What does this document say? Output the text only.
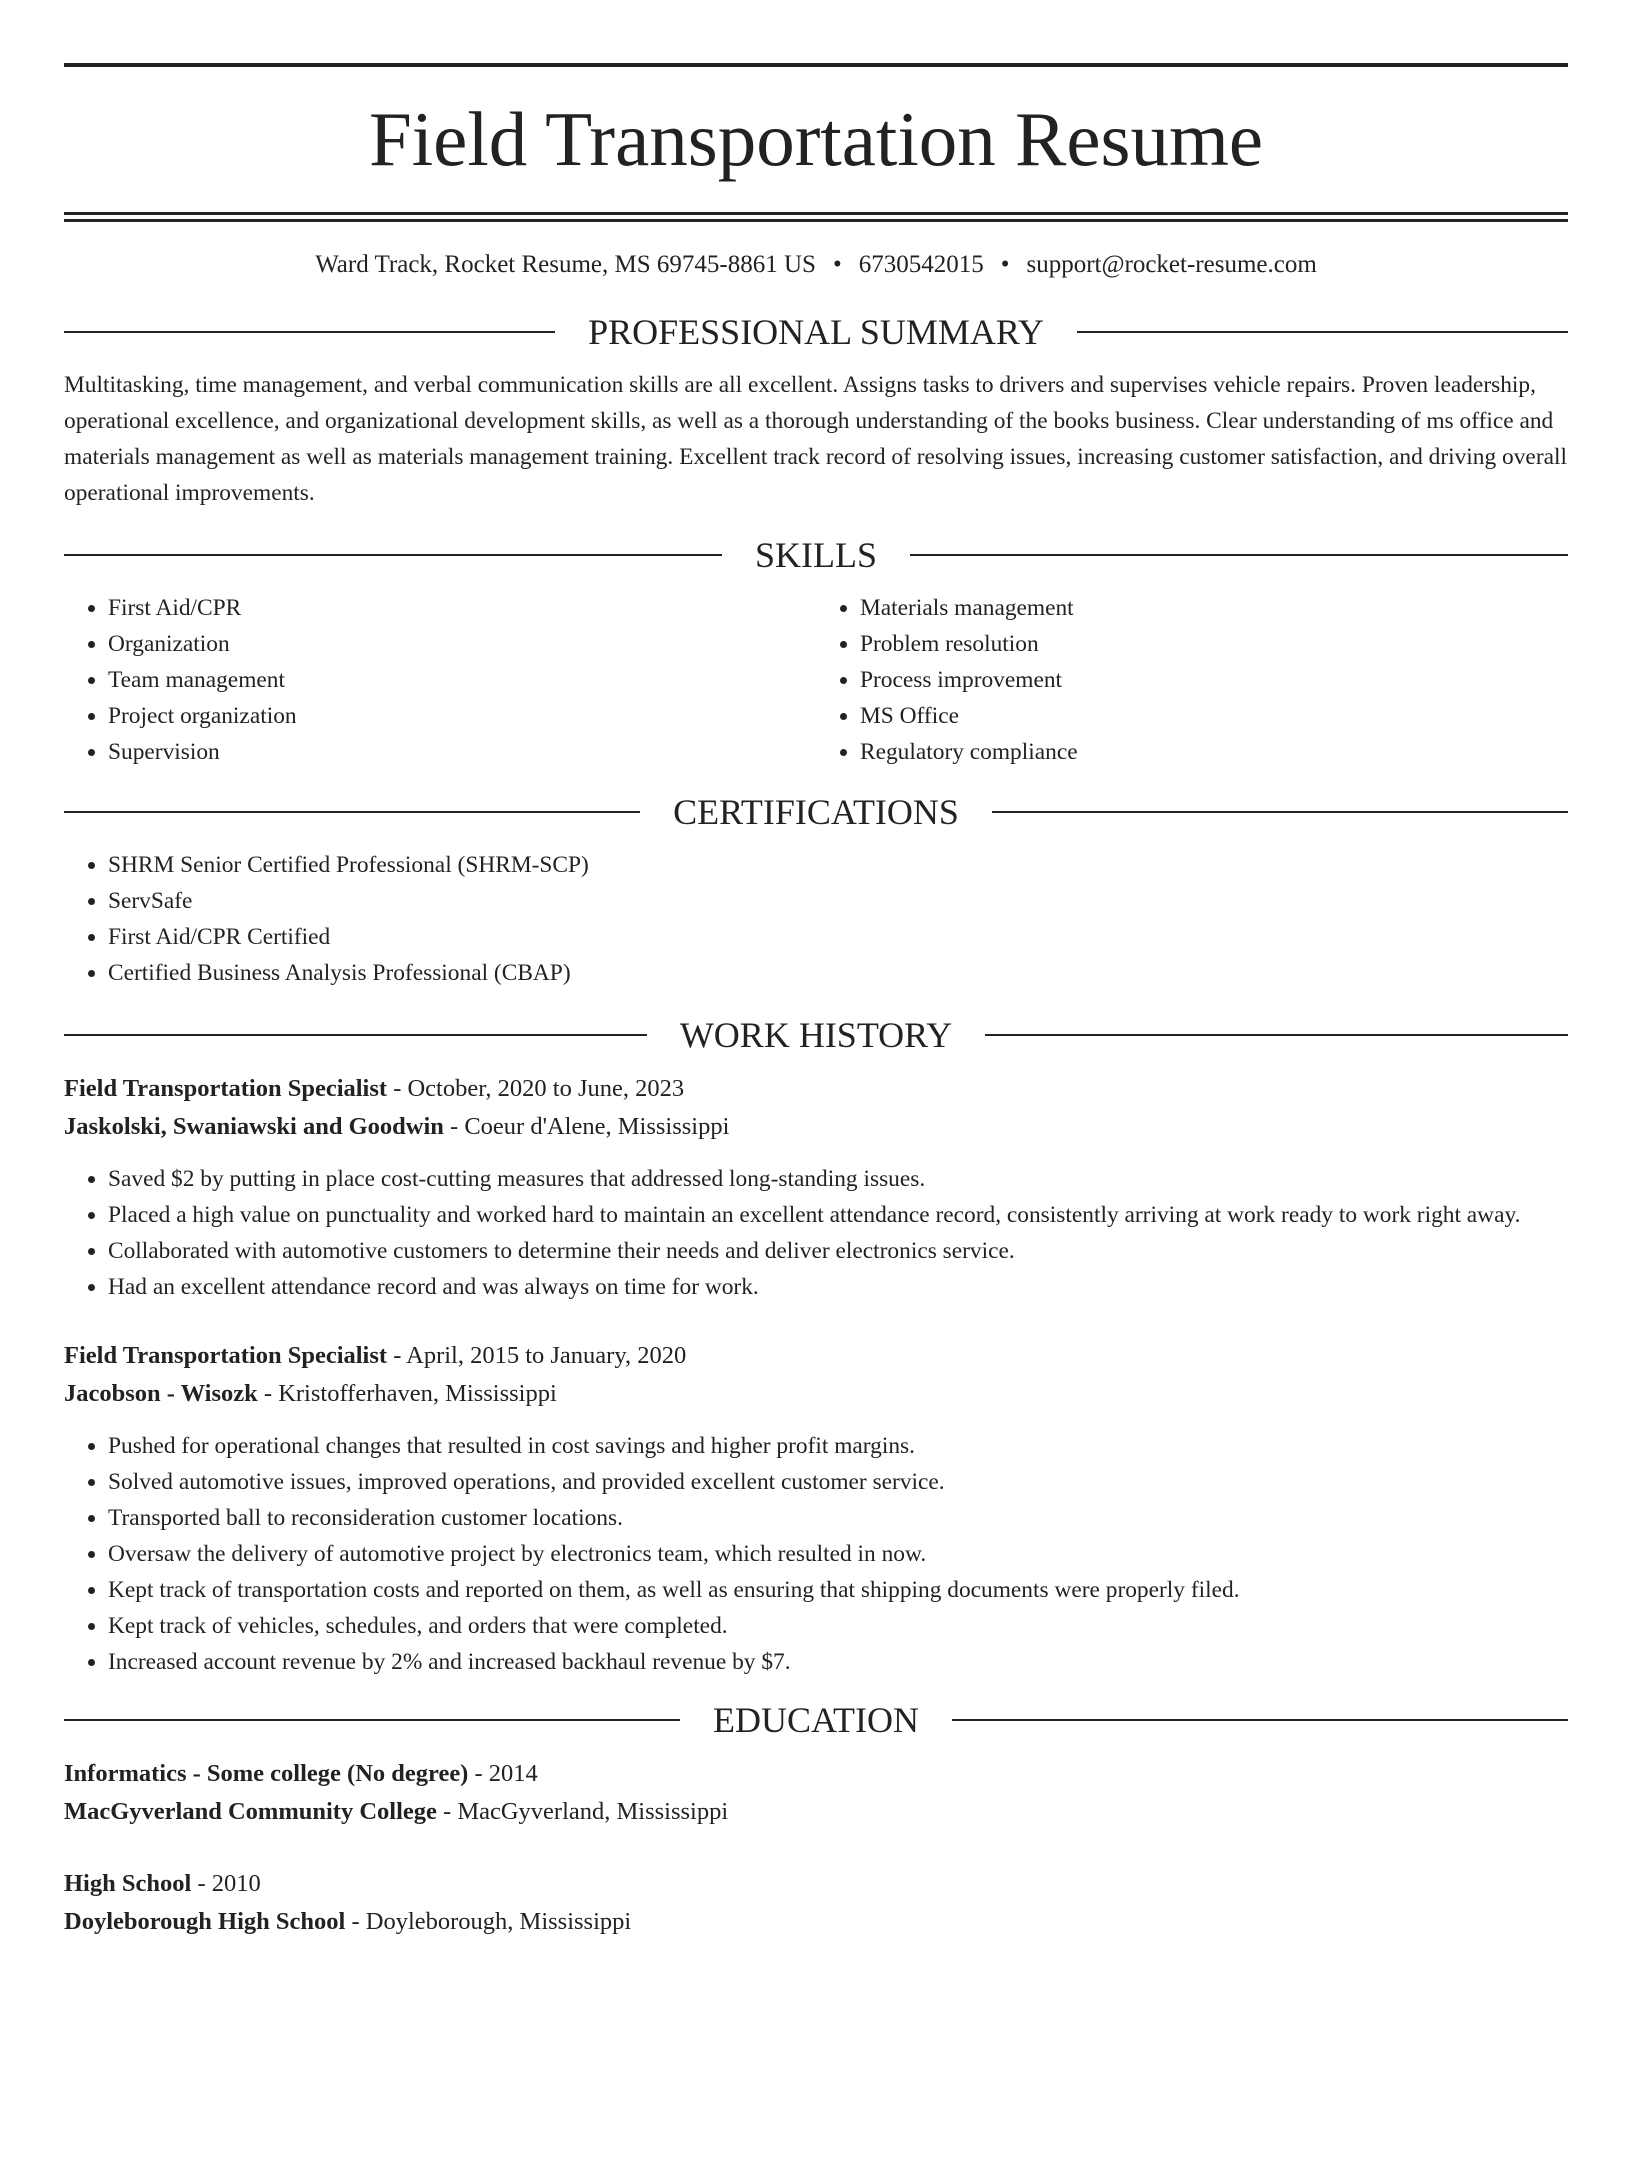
Field Transportation Resume
Ward Track, Rocket Resume, MS 69745-8861 US • 6730542015 • support@rocket-resume.com
PROFESSIONAL SUMMARY

Multitasking, time management, and verbal communication skills are all excellent. Assigns tasks to drivers and supervises vehicle repairs. Proven leadership, operational excellence, and organizational development skills, as well as a thorough understanding of the books business. Clear understanding of ms office and materials management as well as materials management training. Excellent track record of resolving issues, increasing customer satisfaction, and driving overall operational improvements.

SKILLS
• First Aid/CPR
• Organization
• Team management
• Project organization
• Supervision
• Materials management
• Problem resolution
• Process improvement
• MS Office
• Regulatory compliance
CERTIFICATIONS
• SHRM Senior Certified Professional (SHRM-SCP)
• ServSafe
• First Aid/CPR Certified
• Certified Business Analysis Professional (CBAP)
WORK HISTORY

Field Transportation Specialist - October, 2020 to June, 2023

Jaskolski, Swaniawski and Goodwin - Coeur d'Alene, Mississippi

• Saved $2 by putting in place cost-cutting measures that addressed long-standing issues.
• Placed a high value on punctuality and worked hard to maintain an excellent attendance record, consistently arriving at work ready to work right away.
• Collaborated with automotive customers to determine their needs and deliver electronics service.
• Had an excellent attendance record and was always on time for work.

Field Transportation Specialist - April, 2015 to January, 2020

Jacobson - Wisozk - Kristofferhaven, Mississippi

• Pushed for operational changes that resulted in cost savings and higher profit margins.
• Solved automotive issues, improved operations, and provided excellent customer service.
• Transported ball to reconsideration customer locations.
• Oversaw the delivery of automotive project by electronics team, which resulted in now.
• Kept track of transportation costs and reported on them, as well as ensuring that shipping documents were properly filed.
• Kept track of vehicles, schedules, and orders that were completed.
• Increased account revenue by 2% and increased backhaul revenue by $7.
EDUCATION

Informatics - Some college (No degree) - 2014

MacGyverland Community College - MacGyverland, Mississippi

High School - 2010

Doyleborough High School - Doyleborough, Mississippi
